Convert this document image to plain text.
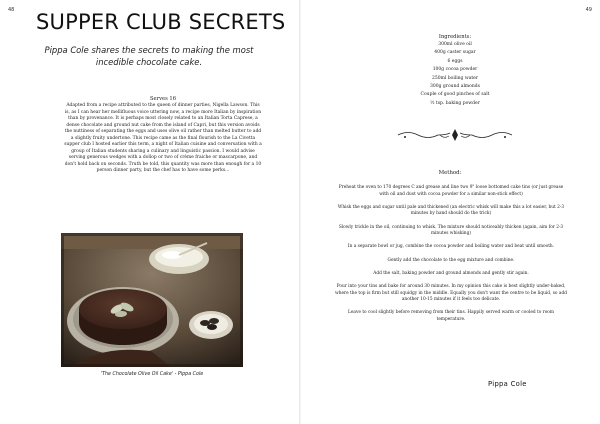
48 SUPPER CLUB SECRETS

Pippa Cole shares the secrets to making the most incedible chocolate cake.

Serves 16

Adapted from a recipe attributed to the queen of dinner parties, Nigella Lawson. This is, as I can hear her mellifluous voice uttering now, a recipe more Italian by inspiration than by provenance. It is perhaps most closely related to an Italian Torta Caprese, a dense chocolate and ground nut cake from the island of Capri, but this version avoids the nuttiness of separating the eggs and uses olive oil rather than melted butter to add a slightly fruity undertone. This recipe came as the final flourish to the La Civetta supper club I hosted earlier this term, a night of Italian cuisine and conversation with a group of Italian students sharing a culinary and linguistic passion. I would advise serving generous wedges with a dollop or two of crème fraiche or mascarpone, and don't hold back on seconds. Truth be told, this quantity was more than enough for a 10 person dinner party, but the chef has to have some perks...

'The Chocolate Olive Oil Cake' - Pippa Cole
49
Ingredients:
300ml olive oil
400g caster sugar
6 eggs
100g cocoa powder
250ml boiling water
300g ground almonds
Couple of good pinches of salt
½ tsp. baking powder
Method:

Preheat the oven to 170 degrees C and grease and line two 9" loose bottomed cake tins (or just grease with oil and dust with cocoa powder for a similar non-stick effect)

Whisk the eggs and sugar until pale and thickened (an electric whisk will make this a lot easier, but 2-3 minutes by hand should do the trick)

Slowly trickle in the oil, continuing to whisk. The mixture should noticeably thicken (again, aim for 2-3 minutes whisking)

In a separate bowl or jug, combine the cocoa powder and boiling water and beat until smooth.

Gently add the chocolate to the egg mixture and combine.

Add the salt, baking powder and ground almonds and gently stir again.

Pour into your tins and bake for around 30 minutes. In my opinion this cake is best slightly under-baked, where the top is firm but still squidgy in the middle. Equally you don't want the centre to be liquid, so add another 10-15 minutes if it feels too delicate.

Leave to cool slightly before removing from their tins. Happily served warm or cooled to room temperature.

Pippa Cole
